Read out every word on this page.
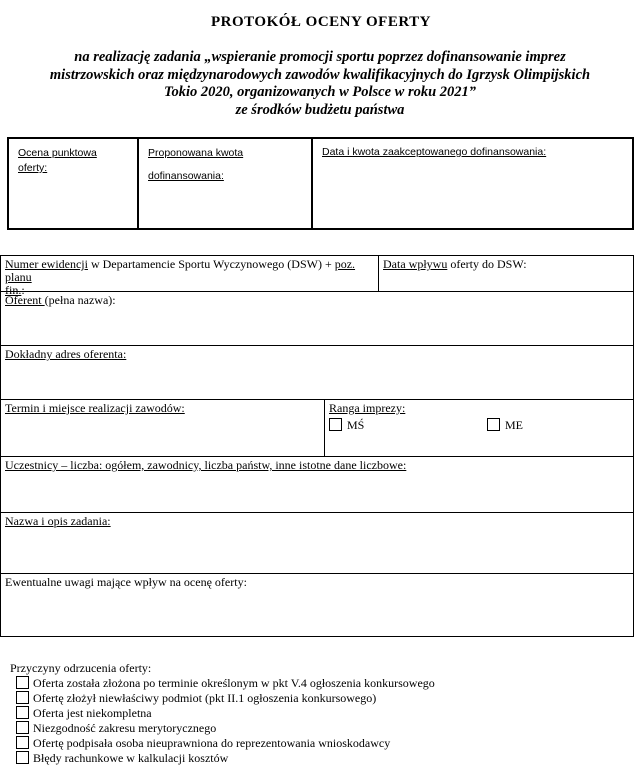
PROTOKÓŁ OCENY OFERTY
na realizację zadania „wspieranie promocji sportu poprzez dofinansowanie imprez
mistrzowskich oraz międzynarodowych zawodów kwalifikacyjnych do Igrzysk Olimpijskich
Tokio 2020, organizowanych w Polsce w roku 2021”
ze środków budżetu państwa
Ocena punktowa
oferty:
Proponowana kwota
dofinansowania:
Data i kwota zaakceptowanego dofinansowania:
Numer ewidencji w Departamencie Sportu Wyczynowego (DSW) + poz. planu
fin.:
Data wpływu oferty do DSW:
Oferent (pełna nazwa):
Dokładny adres oferenta:
Termin i miejsce realizacji zawodów:	Ranga imprezy:
MŚ	ME
Uczestnicy – liczba: ogółem, zawodnicy, liczba państw, inne istotne dane liczbowe:
Nazwa i opis zadania:
Ewentualne uwagi mające wpływ na ocenę oferty:
Przyczyny odrzucenia oferty:
Oferta została złożona po terminie określonym w pkt V.4 ogłoszenia konkursowego
Ofertę złożył niewłaściwy podmiot (pkt II.1 ogłoszenia konkursowego)
Oferta jest niekompletna
Niezgodność zakresu merytorycznego
Ofertę podpisała osoba nieuprawniona do reprezentowania wnioskodawcy
Błędy rachunkowe w kalkulacji kosztów
